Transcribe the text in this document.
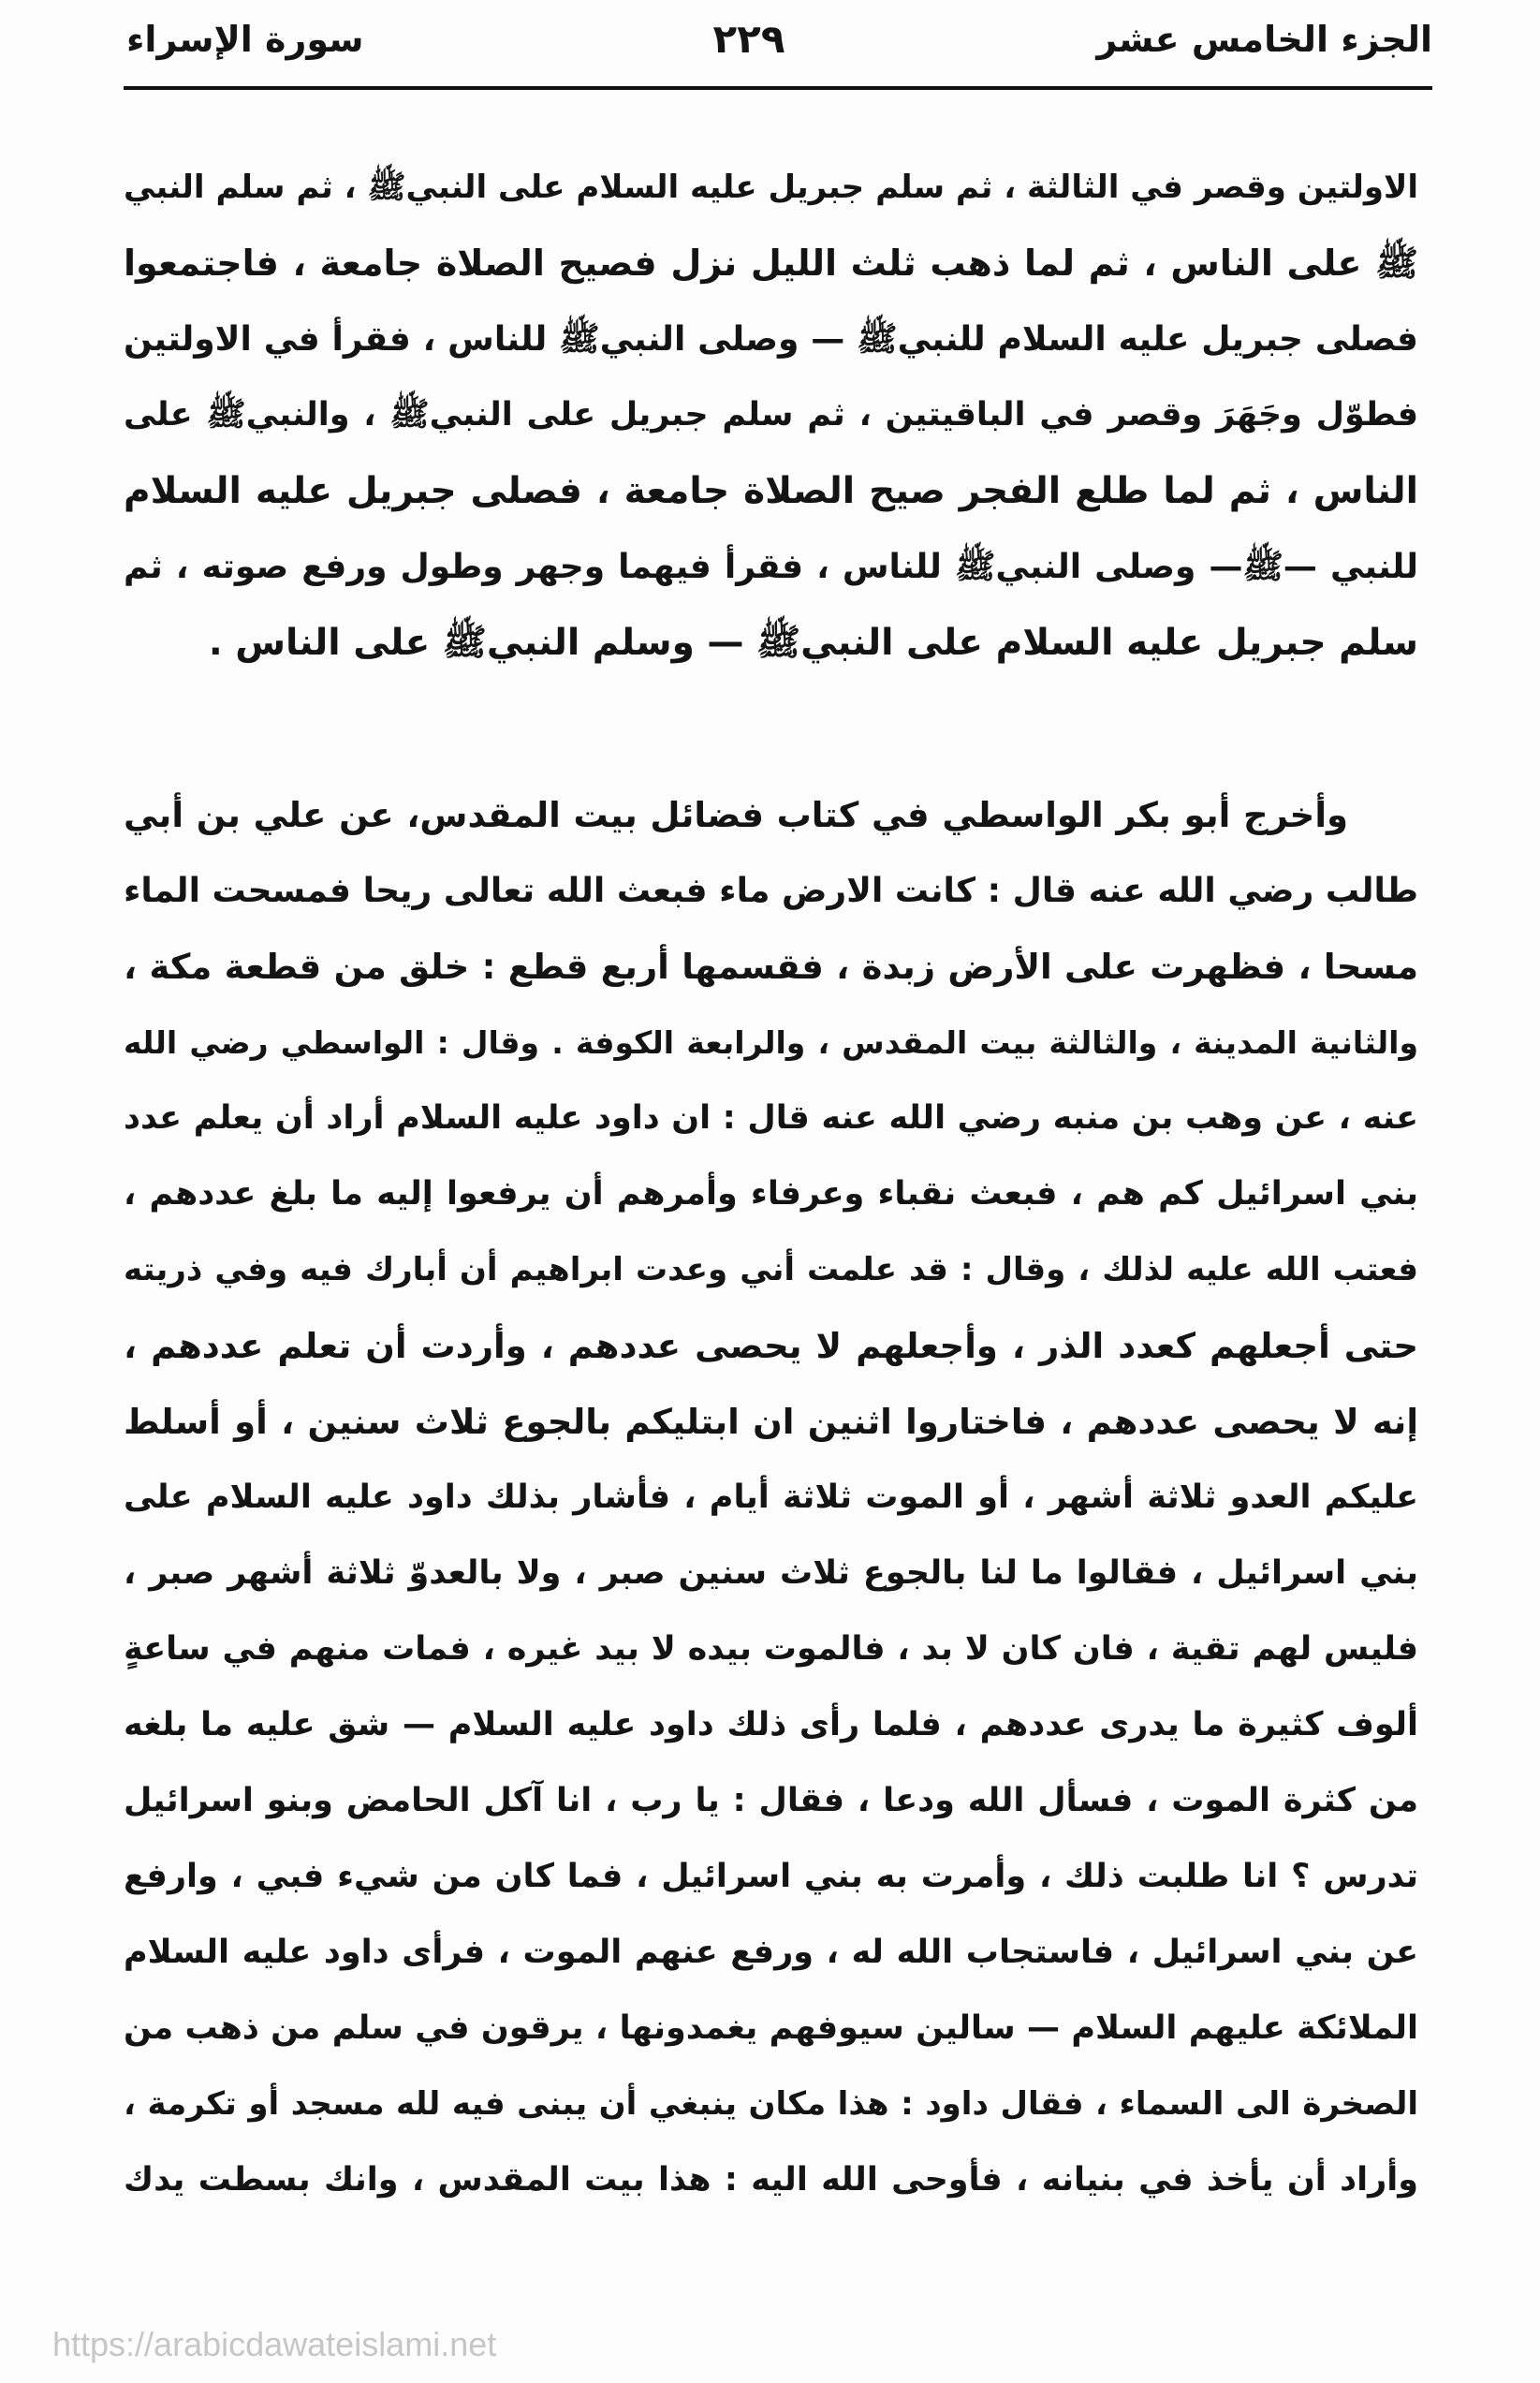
الجزء الخامس عشر
٢٢٩
سورة الإسراء
الاولتين وقصر في الثالثة ، ثم سلم جبريل عليه السلام على النبيﷺ ، ثم سلم النبي
ﷺ على الناس ، ثم لما ذهب ثلث الليل نزل فصيح الصلاة جامعة ، فاجتمعوا
فصلى جبريل عليه السلام للنبيﷺ — وصلى النبيﷺ للناس ، فقرأ في الاولتين
فطوّل وجَهَرَ وقصر في الباقيتين ، ثم سلم جبريل على النبيﷺ ، والنبيﷺ على
الناس ، ثم لما طلع الفجر صيح الصلاة جامعة ، فصلى جبريل عليه السلام
للنبي —ﷺ— وصلى النبيﷺ للناس ، فقرأ فيهما وجهر وطول ورفع صوته ، ثم
سلم جبريل عليه السلام على النبيﷺ — وسلم النبيﷺ على الناس .
وأخرج أبو بكر الواسطي في كتاب فضائل بيت المقدس، عن علي بن أبي
طالب رضي الله عنه قال : كانت الارض ماء فبعث الله تعالى ريحا فمسحت الماء
مسحا ، فظهرت على الأرض زبدة ، فقسمها أربع قطع : خلق من قطعة مكة ،
والثانية المدينة ، والثالثة بيت المقدس ، والرابعة الكوفة . وقال : الواسطي رضي الله
عنه ، عن وهب بن منبه رضي الله عنه قال : ان داود عليه السلام أراد أن يعلم عدد
بني اسرائيل كم هم ، فبعث نقباء وعرفاء وأمرهم أن يرفعوا إليه ما بلغ عددهم ،
فعتب الله عليه لذلك ، وقال : قد علمت أني وعدت ابراهيم أن أبارك فيه وفي ذريته
حتى أجعلهم كعدد الذر ، وأجعلهم لا يحصى عددهم ، وأردت أن تعلم عددهم ،
إنه لا يحصى عددهم ، فاختاروا اثنين ان ابتليكم بالجوع ثلاث سنين ، أو أسلط
عليكم العدو ثلاثة أشهر ، أو الموت ثلاثة أيام ، فأشار بذلك داود عليه السلام على
بني اسرائيل ، فقالوا ما لنا بالجوع ثلاث سنين صبر ، ولا بالعدوّ ثلاثة أشهر صبر ،
فليس لهم تقية ، فان كان لا بد ، فالموت بيده لا بيد غيره ، فمات منهم في ساعةٍ
ألوف كثيرة ما يدرى عددهم ، فلما رأى ذلك داود عليه السلام — شق عليه ما بلغه
من كثرة الموت ، فسأل الله ودعا ، فقال : يا رب ، انا آكل الحامض وبنو اسرائيل
تدرس ؟ انا طلبت ذلك ، وأمرت به بني اسرائيل ، فما كان من شيء فبي ، وارفع
عن بني اسرائيل ، فاستجاب الله له ، ورفع عنهم الموت ، فرأى داود عليه السلام
الملائكة عليهم السلام — سالين سيوفهم يغمدونها ، يرقون في سلم من ذهب من
الصخرة الى السماء ، فقال داود : هذا مكان ينبغي أن يبنى فيه لله مسجد أو تكرمة ،
وأراد أن يأخذ في بنيانه ، فأوحى الله اليه : هذا بيت المقدس ، وانك بسطت يدك
https://arabicdawateislami.net
